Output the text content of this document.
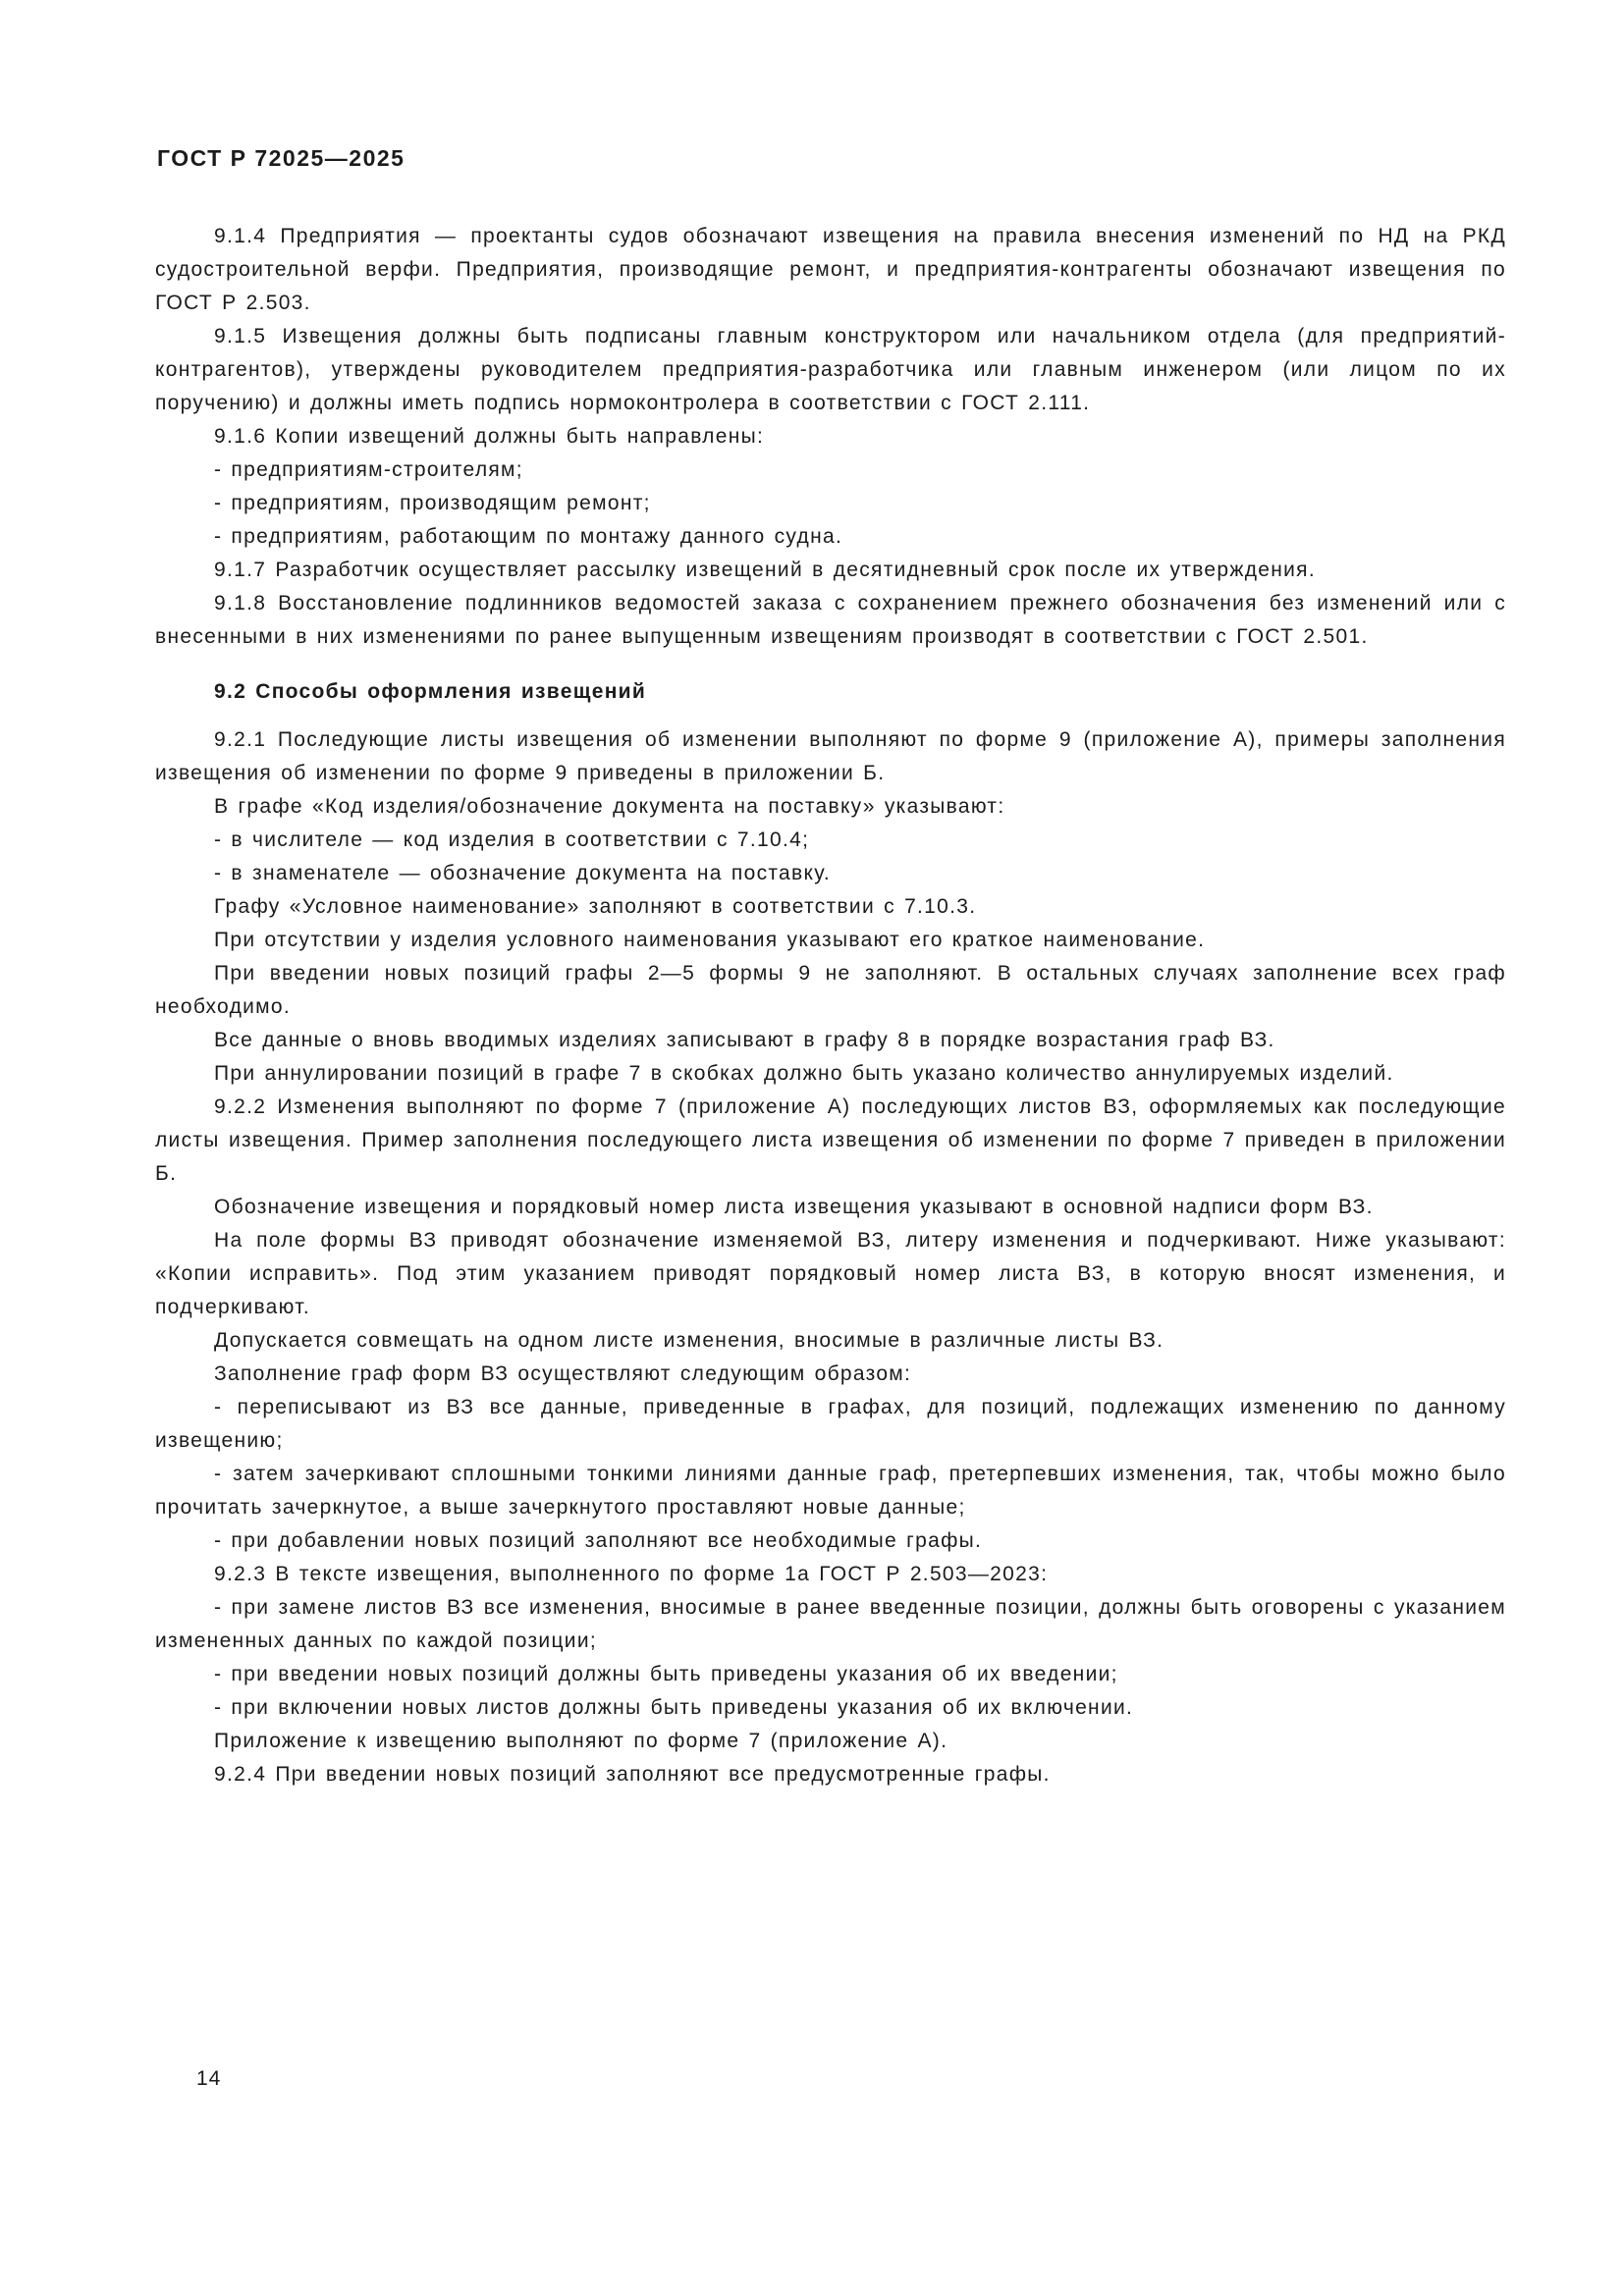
ГОСТ Р 72025—2025

9.1.4 Предприятия — проектанты судов обозначают извещения на правила внесения изменений по НД на РКД судостроительной верфи. Предприятия, производящие ремонт, и предприятия-контрагенты обозначают извещения по ГОСТ Р 2.503.

9.1.5 Извещения должны быть подписаны главным конструктором или начальником отдела (для предприятий-контрагентов), утверждены руководителем предприятия-разработчика или главным инженером (или лицом по их поручению) и должны иметь подпись нормоконтролера в соответствии с ГОСТ 2.111.

9.1.6 Копии извещений должны быть направлены:

- предприятиям-строителям;

- предприятиям, производящим ремонт;

- предприятиям, работающим по монтажу данного судна.

9.1.7 Разработчик осуществляет рассылку извещений в десятидневный срок после их утверждения.

9.1.8 Восстановление подлинников ведомостей заказа с сохранением прежнего обозначения без изменений или с внесенными в них изменениями по ранее выпущенным извещениям производят в соответствии с ГОСТ 2.501.

9.2 Способы оформления извещений

9.2.1 Последующие листы извещения об изменении выполняют по форме 9 (приложение А), примеры заполнения извещения об изменении по форме 9 приведены в приложении Б.

В графе «Код изделия/обозначение документа на поставку» указывают:

- в числителе — код изделия в соответствии с 7.10.4;

- в знаменателе — обозначение документа на поставку.

Графу «Условное наименование» заполняют в соответствии с 7.10.3.

При отсутствии у изделия условного наименования указывают его краткое наименование.

При введении новых позиций графы 2—5 формы 9 не заполняют. В остальных случаях заполнение всех граф необходимо.

Все данные о вновь вводимых изделиях записывают в графу 8 в порядке возрастания граф ВЗ.

При аннулировании позиций в графе 7 в скобках должно быть указано количество аннулируемых изделий.

9.2.2 Изменения выполняют по форме 7 (приложение А) последующих листов ВЗ, оформляемых как последующие листы извещения. Пример заполнения последующего листа извещения об изменении по форме 7 приведен в приложении Б.

Обозначение извещения и порядковый номер листа извещения указывают в основной надписи форм ВЗ.

На поле формы ВЗ приводят обозначение изменяемой ВЗ, литеру изменения и подчеркивают. Ниже указывают: «Копии исправить». Под этим указанием приводят порядковый номер листа ВЗ, в которую вносят изменения, и подчеркивают.

Допускается совмещать на одном листе изменения, вносимые в различные листы ВЗ.

Заполнение граф форм ВЗ осуществляют следующим образом:

- переписывают из ВЗ все данные, приведенные в графах, для позиций, подлежащих изменению по данному извещению;

- затем зачеркивают сплошными тонкими линиями данные граф, претерпевших изменения, так, чтобы можно было прочитать зачеркнутое, а выше зачеркнутого проставляют новые данные;

- при добавлении новых позиций заполняют все необходимые графы.

9.2.3 В тексте извещения, выполненного по форме 1а ГОСТ Р 2.503—2023:

- при замене листов ВЗ все изменения, вносимые в ранее введенные позиции, должны быть оговорены с указанием измененных данных по каждой позиции;

- при введении новых позиций должны быть приведены указания об их введении;

- при включении новых листов должны быть приведены указания об их включении.

Приложение к извещению выполняют по форме 7 (приложение А).

9.2.4 При введении новых позиций заполняют все предусмотренные графы.

14
